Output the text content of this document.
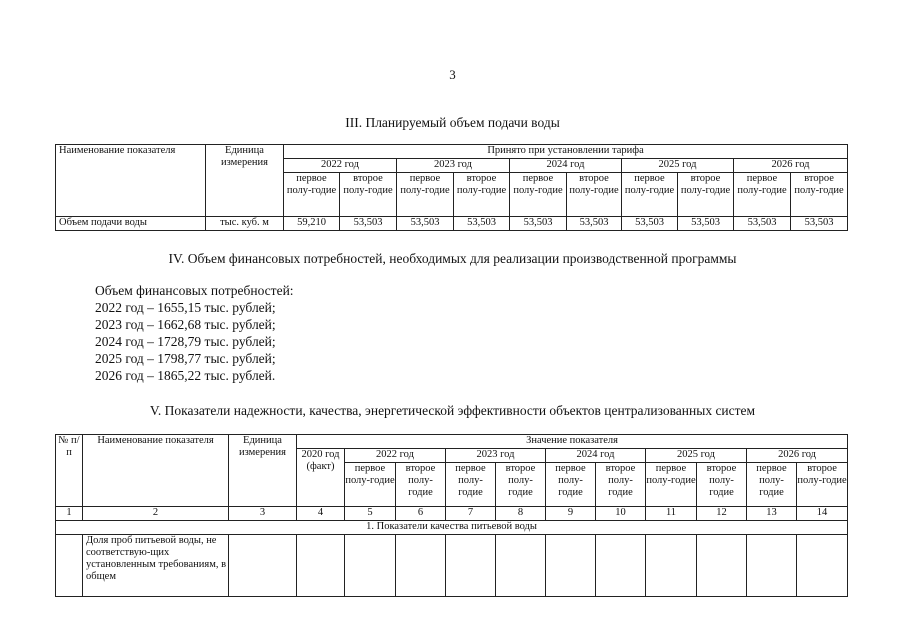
3
III. Планируемый объем подачи воды
Наименование показателя	Единица измерения	Принято при установлении тарифа									
		2022 год		2023 год		2024 год		2025 год		2026 год	
		первое полу-годие	второе полу-годие	первое полу-годие	второе полу-годие	первое полу-годие	второе полу-годие	первое полу-годие	второе полу-годие	первое полу-годие	второе полу-годие
Объем подачи воды	тыс. куб. м	59,210	53,503	53,503	53,503	53,503	53,503	53,503	53,503	53,503	53,503
IV. Объем финансовых потребностей, необходимых для реализации производственной программы
Объем финансовых потребностей:
2022 год – 1655,15 тыс. рублей;
2023 год – 1662,68 тыс. рублей;
2024 год – 1728,79 тыс. рублей;
2025 год – 1798,77 тыс. рублей;
2026 год – 1865,22 тыс. рублей.
V. Показатели надежности, качества, энергетической эффективности объектов централизованных систем
№ п/п	Наименование показателя	Единица измерения	Значение показателя										
			2020 год (факт)	2022 год		2023 год		2024 год		2025 год		2026 год	
				первое полу-годие	второе полу-годие	первое полу-годие	второе полу-годие	первое полу-годие	второе полу-годие	первое полу-годие	второе полу-годие	первое полу-годие	второе полу-годие
1	2	3	4	5	6	7	8	9	10	11	12	13	14
1. Показатели качества питьевой воды													
	Доля проб питьевой воды, не соответствую-щих установленным требованиям, в общем												
